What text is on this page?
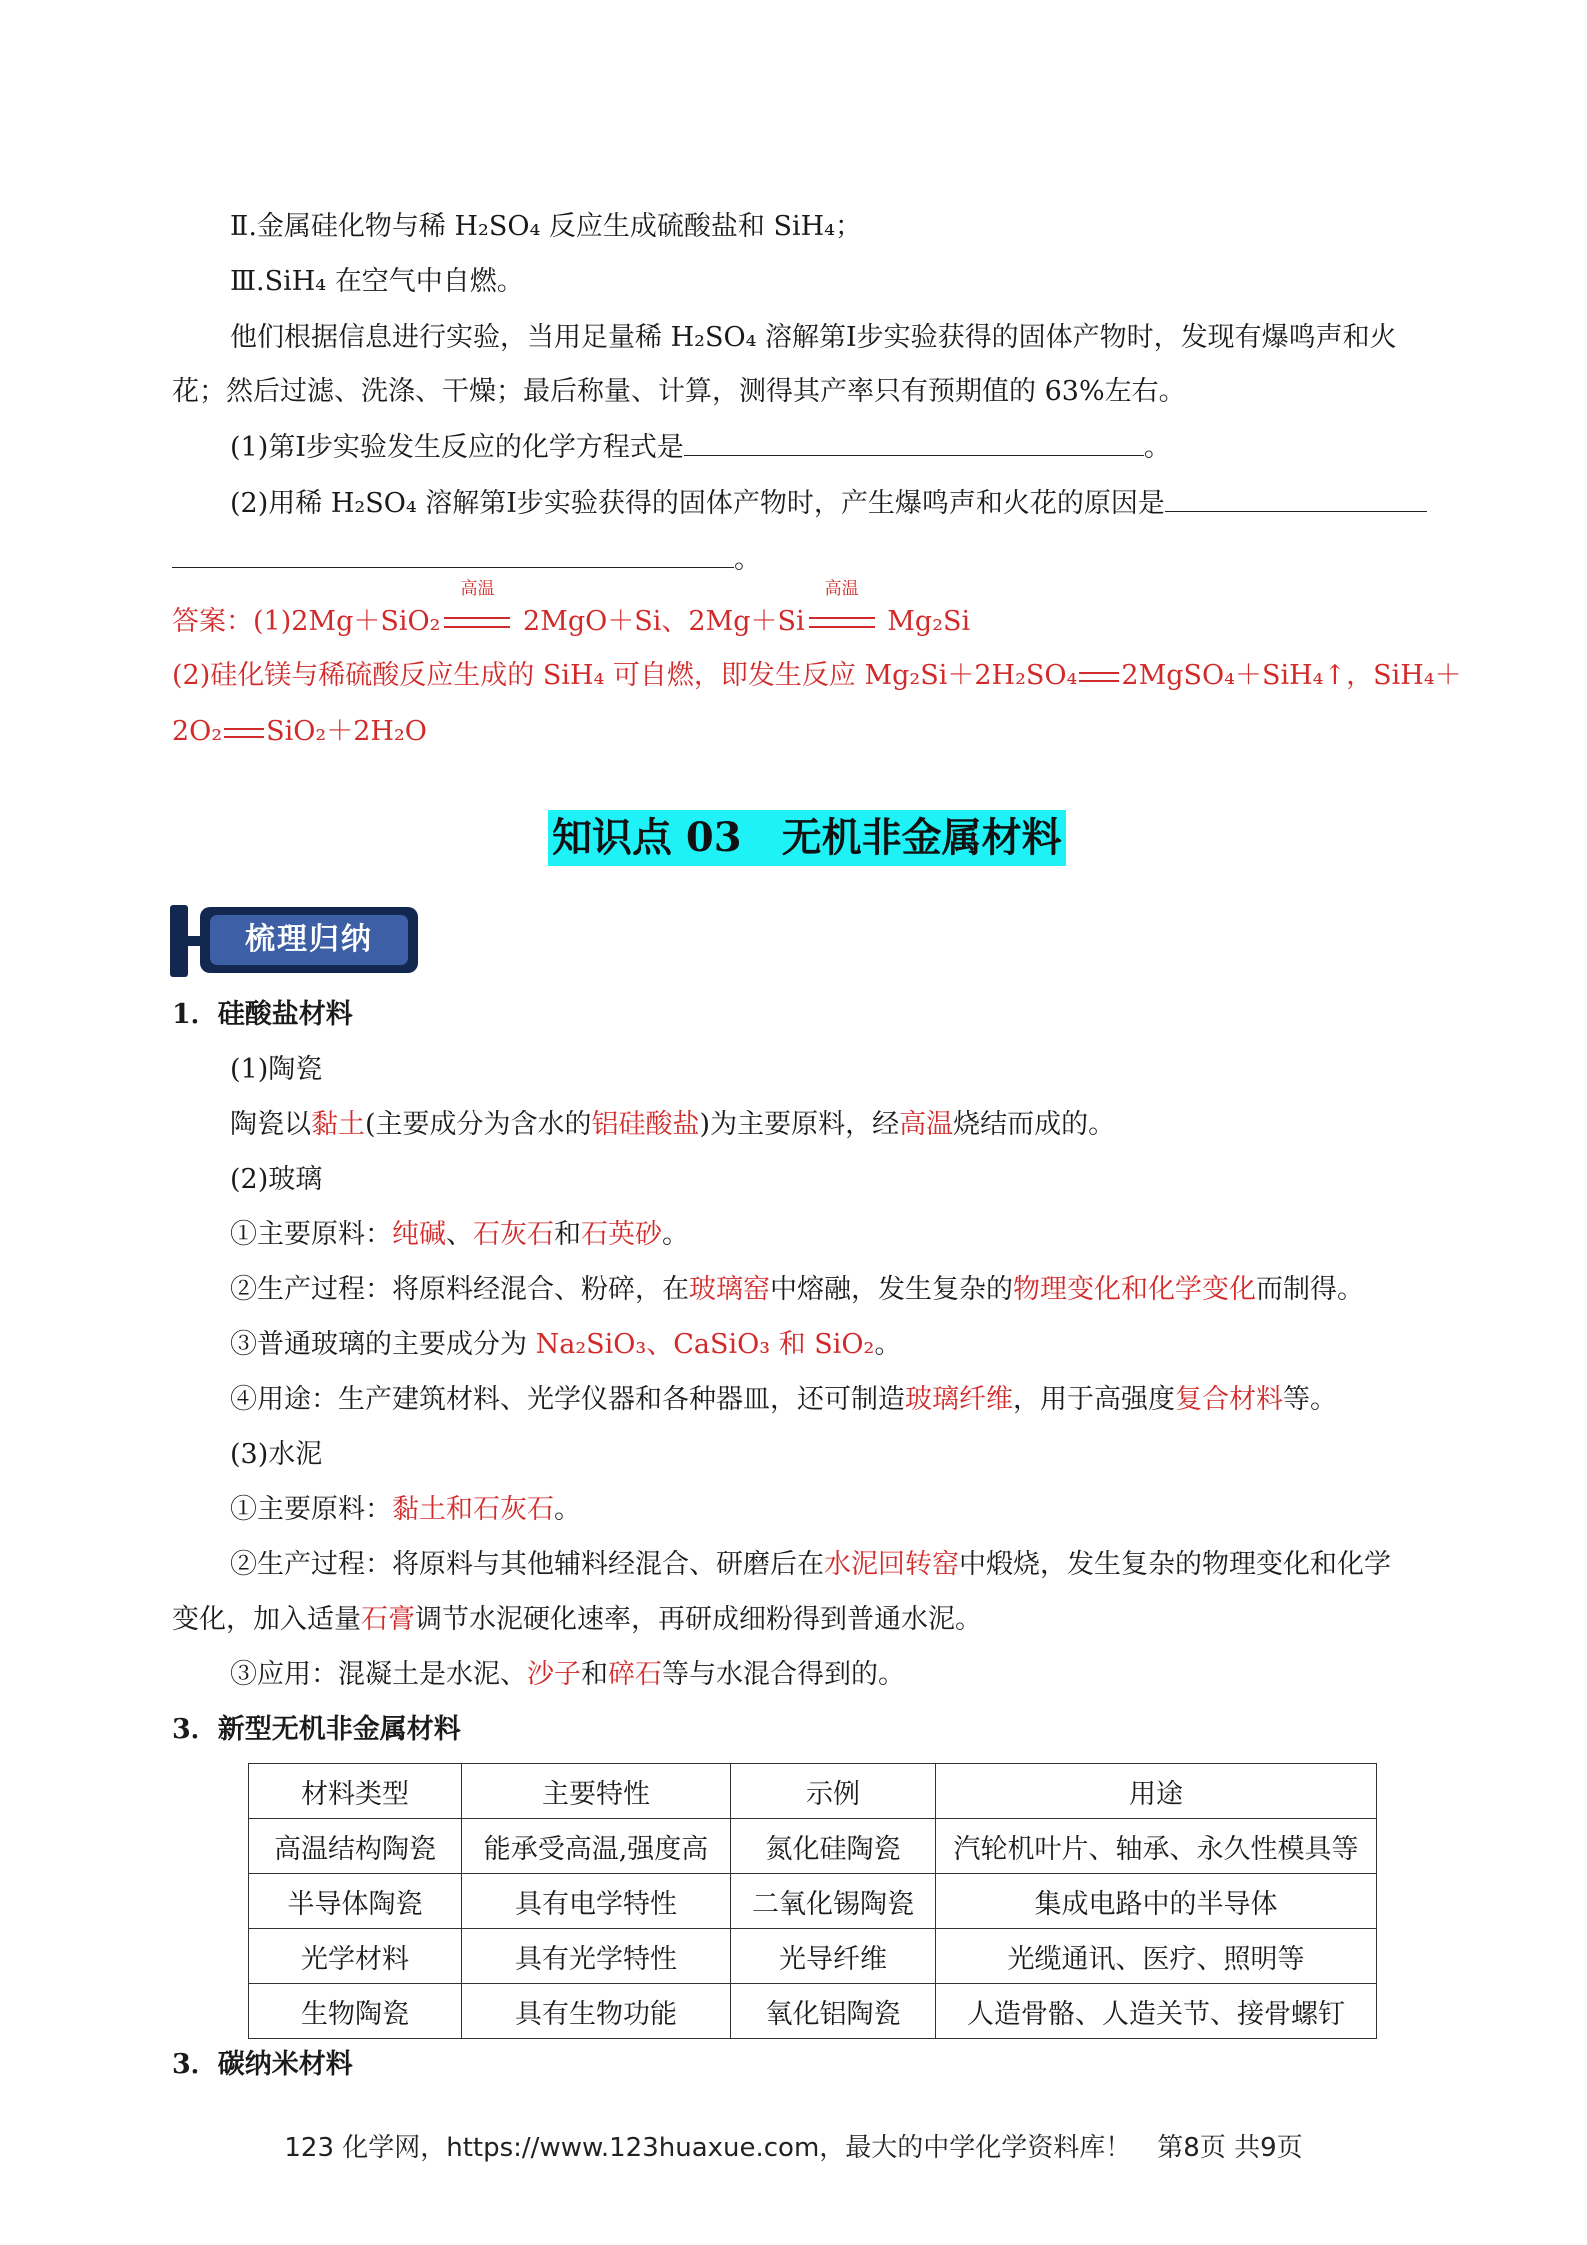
Ⅱ.金属硅化物与稀 H₂SO₄ 反应生成硫酸盐和 SiH₄；
Ⅲ.SiH₄ 在空气中自燃。
他们根据信息进行实验，当用足量稀 H₂SO₄ 溶解第Ⅰ步实验获得的固体产物时，发现有爆鸣声和火
花；然后过滤、洗涤、干燥；最后称量、计算，测得其产率只有预期值的 63%左右。
(1)第Ⅰ步实验发生反应的化学方程式是	。
(2)用稀 H₂SO₄ 溶解第Ⅰ步实验获得的固体产物时，产生爆鸣声和火花的原因是
。
答案：(1)2Mg＋SiO₂
高温
2MgO＋Si、2Mg＋Si
高温
Mg₂Si
(2)硅化镁与稀硫酸反应生成的 SiH₄ 可自燃，即发生反应 Mg₂Si＋2H₂SO₄ 2MgSO₄＋SiH₄↑，SiH₄＋
2O₂ SiO₂＋2H₂O
知识点 03　无机非金属材料
梳理归纳
1．硅酸盐材料
(1)陶瓷
陶瓷以黏土(主要成分为含水的铝硅酸盐)为主要原料，经高温烧结而成的。
(2)玻璃
①主要原料：纯碱、石灰石和石英砂。
②生产过程：将原料经混合、粉碎，在玻璃窑中熔融，发生复杂的物理变化和化学变化而制得。
③普通玻璃的主要成分为 Na₂SiO₃、CaSiO₃ 和 SiO₂。
④用途：生产建筑材料、光学仪器和各种器皿，还可制造玻璃纤维，用于高强度复合材料等。
(3)水泥
①主要原料：黏土和石灰石。
②生产过程：将原料与其他辅料经混合、研磨后在水泥回转窑中煅烧，发生复杂的物理变化和化学
变化，加入适量石膏调节水泥硬化速率，再研成细粉得到普通水泥。
③应用：混凝土是水泥、沙子和碎石等与水混合得到的。
3．新型无机非金属材料
材料类型	主要特性	示例	用途
高温结构陶瓷	能承受高温,强度高	氮化硅陶瓷	汽轮机叶片、轴承、永久性模具等
半导体陶瓷	具有电学特性	二氧化锡陶瓷	集成电路中的半导体
光学材料	具有光学特性	光导纤维	光缆通讯、医疗、照明等
生物陶瓷	具有生物功能	氧化铝陶瓷	人造骨骼、人造关节、接骨螺钉
3．碳纳米材料
123 化学网，https://www.123huaxue.com，最大的中学化学资料库！　第8页 共9页
